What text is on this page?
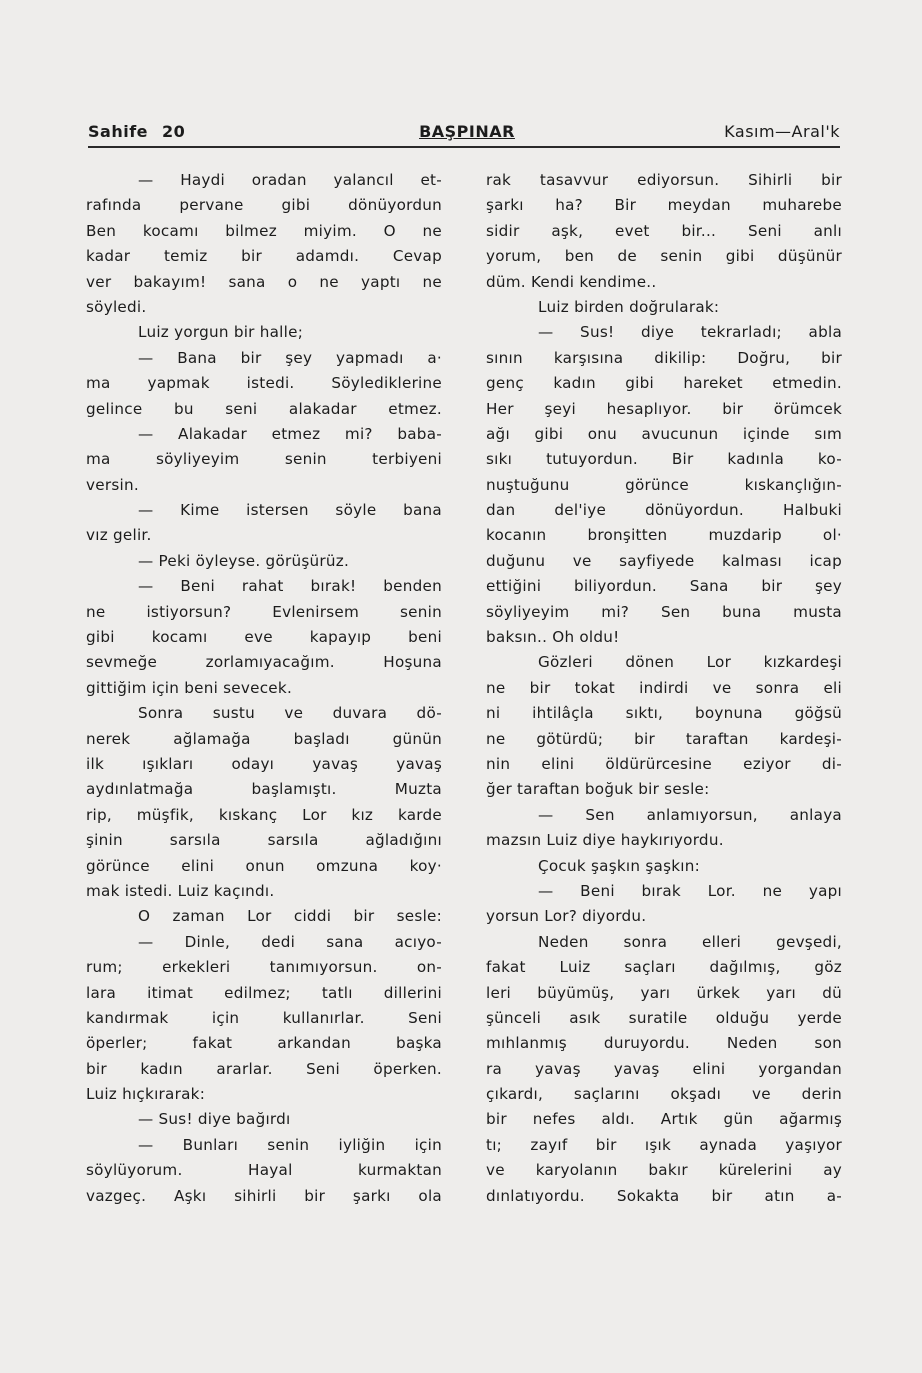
Sahife 20	BAŞPINAR	Kasım—Aral'k
— Haydi oradan yalancıl et-
rafında pervane gibi dönüyordun
Ben kocamı bilmez miyim. O ne
kadar temiz bir adamdı. Cevap
ver bakayım! sana o ne yaptı ne
söyledi.
Luiz yorgun bir halle;
— Bana bir şey yapmadı a·
ma yapmak istedi. Söylediklerine
gelince bu seni alakadar etmez.
— Alakadar etmez mi? baba-
ma söyliyeyim senin terbiyeni
versin.
— Kime istersen söyle bana
vız gelir.
— Peki öyleyse. görüşürüz.
— Beni rahat bırak! benden
ne istiyorsun? Evlenirsem senin
gibi kocamı eve kapayıp beni
sevmeğe zorlamıyacağım. Hoşuna
gittiğim için beni sevecek.
Sonra sustu ve duvara dö-
nerek ağlamağa başladı günün
ilk ışıkları odayı yavaş yavaş
aydınlatmağa başlamıştı. Muzta
rip, müşfik, kıskanç Lor kız karde
şinin sarsıla sarsıla ağladığını
görünce elini onun omzuna koy·
mak istedi. Luiz kaçındı.
O zaman Lor ciddi bir sesle:
— Dinle, dedi sana acıyo-
rum; erkekleri tanımıyorsun. on-
lara itimat edilmez; tatlı dillerini
kandırmak için kullanırlar. Seni
öperler; fakat arkandan başka
bir kadın ararlar. Seni öperken.
Luiz hıçkırarak:
— Sus! diye bağırdı
— Bunları senin iyliğin için
söylüyorum. Hayal kurmaktan
vazgeç. Aşkı sihirli bir şarkı ola
rak tasavvur ediyorsun. Sihirli bir
şarkı ha? Bir meydan muharebe
sidir aşk, evet bir... Seni anlı
yorum, ben de senin gibi düşünür
düm. Kendi kendime..
Luiz birden doğrularak:
— Sus! diye tekrarladı; abla
sının karşısına dikilip: Doğru, bir
genç kadın gibi hareket etmedin.
Her şeyi hesaplıyor. bir örümcek
ağı gibi onu avucunun içinde sım
sıkı tutuyordun. Bir kadınla ko-
nuştuğunu görünce kıskançlığın-
dan del'iye dönüyordun. Halbuki
kocanın bronşitten muzdarip ol·
duğunu ve sayfiyede kalması icap
ettiğini biliyordun. Sana bir şey
söyliyeyim mi? Sen buna musta
baksın.. Oh oldu!
Gözleri dönen Lor kızkardeşi
ne bir tokat indirdi ve sonra eli
ni ihtilâçla sıktı, boynuna göğsü
ne götürdü; bir taraftan kardeşi-
nin elini öldürürcesine eziyor di-
ğer taraftan boğuk bir sesle:
— Sen anlamıyorsun, anlaya
mazsın Luiz diye haykırıyordu.
Çocuk şaşkın şaşkın:
— Beni bırak Lor. ne yapı
yorsun Lor? diyordu.
Neden sonra elleri gevşedi,
fakat Luiz saçları dağılmış, göz
leri büyümüş, yarı ürkek yarı dü
şünceli asık suratile olduğu yerde
mıhlanmış duruyordu. Neden son
ra yavaş yavaş elini yorgandan
çıkardı, saçlarını okşadı ve derin
bir nefes aldı. Artık gün ağarmış
tı; zayıf bir ışık aynada yaşıyor
ve karyolanın bakır kürelerini ay
dınlatıyordu. Sokakta bir atın a-
